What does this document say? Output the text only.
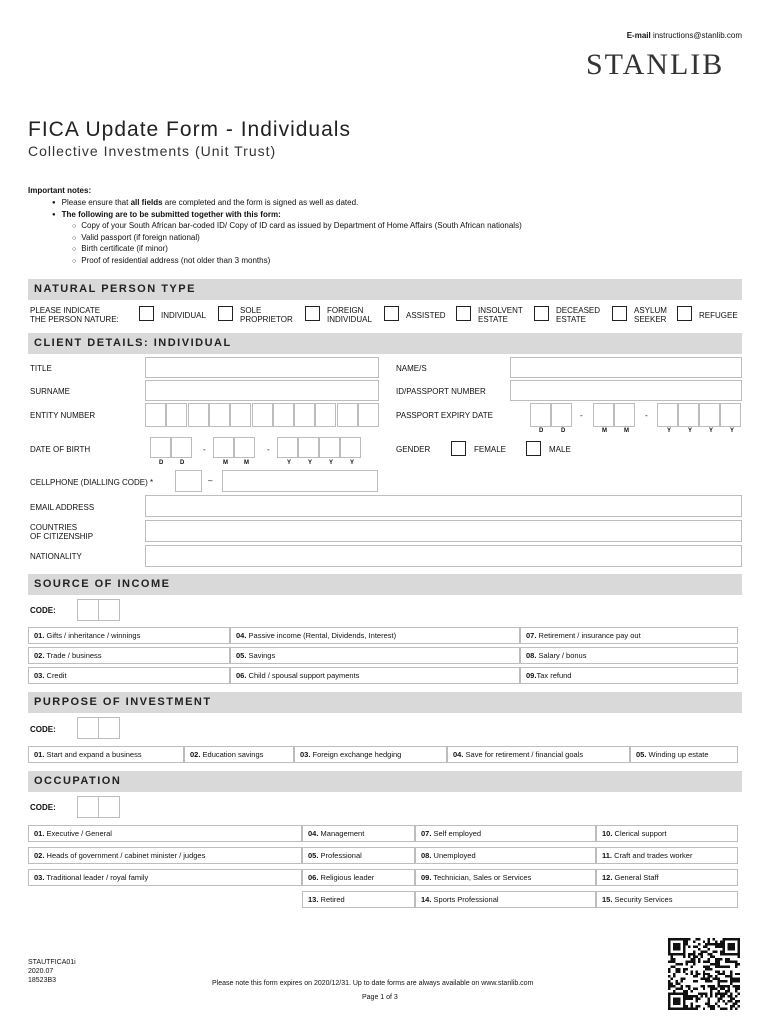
E-mail instructions@stanlib.com
STANLIB
FICA Update Form - Individuals
Collective Investments (Unit Trust)
Important notes:
● Please ensure that all fields are completed and the form is signed as well as dated.
● The following are to be submitted together with this form:
○ Copy of your South African bar-coded ID/ Copy of ID card as issued by Department of Home Affairs (South African nationals)
○ Valid passport (if foreign national)
○ Birth certificate (if minor)
○ Proof of residential address (not older than 3 months)
NATURAL PERSON TYPE
PLEASE INDICATE
THE PERSON NATURE:	INDIVIDUAL
SOLE
PROPRIETOR
FOREIGN
INDIVIDUAL	ASSISTED
INSOLVENT
ESTATE
DECEASED
ESTATE
ASYLUM
SEEKER	REFUGEE
CLIENT DETAILS: INDIVIDUAL
TITLE	NAME/S
SURNAME	ID/PASSPORT NUMBER
ENTITY NUMBER	PASSPORT EXPIRY DATE	-	-
D	D	M	M	Y	Y	Y	Y
DATE OF BIRTH	-	-
D	D	M	M	Y	Y	Y	Y
GENDER	FEMALE	MALE
CELLPHONE (DIALLING CODE) *	–
EMAIL ADDRESS
COUNTRIES
OF CITIZENSHIP
NATIONALITY
SOURCE OF INCOME
CODE:
01. Gifts / inheritance / winnings	04. Passive income (Rental, Dividends, Interest)	07. Retirement / insurance pay out
02. Trade / business	05. Savings	08. Salary / bonus
03. Credit	06. Child / spousal support payments	09.Tax refund
PURPOSE OF INVESTMENT
CODE:
01. Start and expand a business	02. Education savings	03. Foreign exchange hedging	04. Save for retirement / financial goals	05. Winding up estate
OCCUPATION
CODE:
01. Executive / General	04. Management	07. Self employed	10. Clerical support
02. Heads of government / cabinet minister / judges	05. Professional	08. Unemployed	11. Craft and trades worker
03. Traditional leader / royal family	06. Religious leader	09. Technician, Sales or Services	12. General Staff
13. Retired	14. Sports Professional	15. Security Services
STAUTFICA01i
2020.07
18523B3	Please note this form expires on 2020/12/31. Up to date forms are always available on www.stanlib.com
Page 1 of 3
